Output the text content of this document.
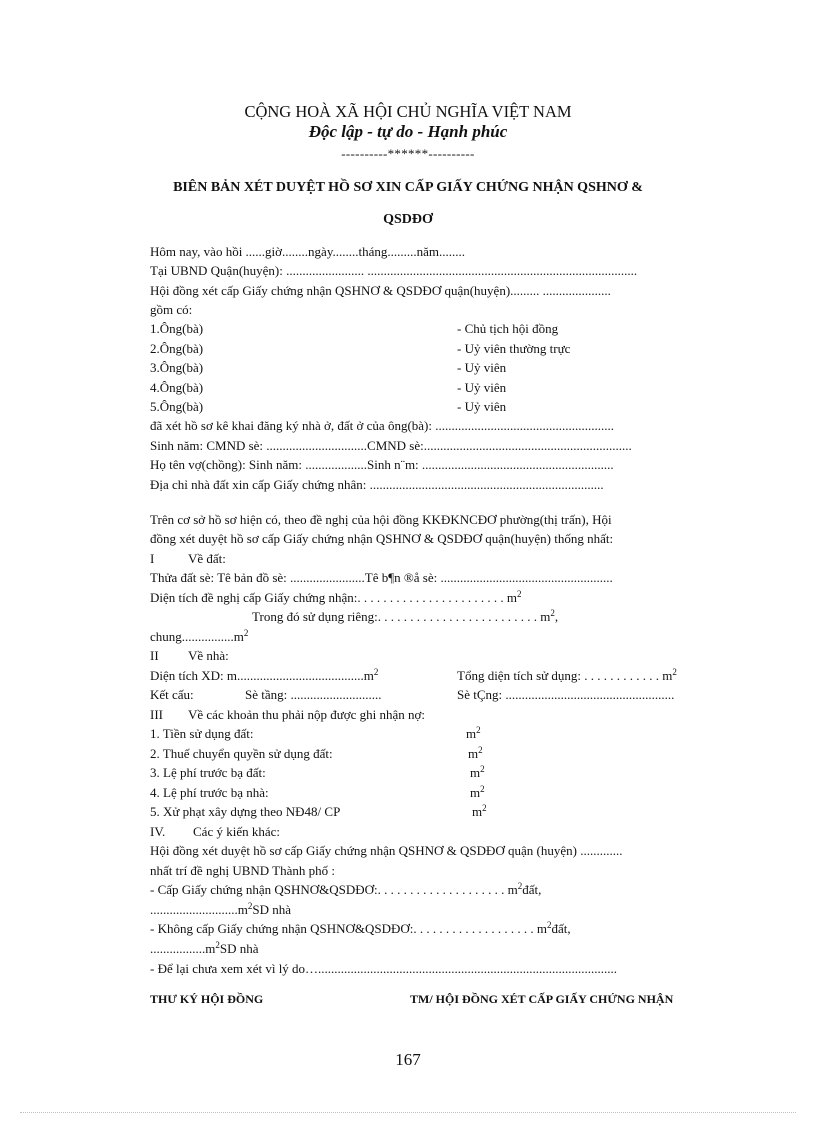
CỘNG HOÀ XÃ HỘI CHỦ NGHĨA VIỆT NAM
Độc lập - tự do - Hạnh phúc
----------******----------
BIÊN BẢN XÉT DUYỆT HỒ SƠ XIN CẤP GIẤY CHỨNG NHẬN QSHNƠ &
QSDĐƠ
Hôm nay, vào hồi ......giờ........ngày........tháng.........năm........
Tại UBND Quận(huyện): ........................ ...................................................................................
Hội đồng xét cấp Giấy chứng nhận QSHNƠ & QSDĐƠ quận(huyện)......... .....................
gồm có:
1.Ông(bà)	- Chủ tịch hội đồng
2.Ông(bà)	- Uỷ viên thường trực
3.Ông(bà)	- Uỷ viên
4.Ông(bà)	- Uỷ viên
5.Ông(bà)	- Uỷ viên
đã xét hồ sơ kê khai đăng ký nhà ở, đất ở của ông(bà): .......................................................
Sinh năm: CMND sè: ...............................CMND sè:................................................................
Họ tên vợ(chồng): Sinh năm: ...................Sinh n¨m: ...........................................................
Địa chỉ nhà đất xin cấp Giấy chứng nhân: ........................................................................
Trên cơ sở hồ sơ hiện có, theo đề nghị của hội đồng KKĐKNCĐƠ phường(thị trấn), Hội
đồng xét duyệt hồ sơ cấp Giấy chứng nhận QSHNƠ & QSDĐƠ quận(huyện) thống nhất:
I	Về đất:
Thửa đất sè: Tê bản đồ sè: .......................Tê b¶n ®å sè: .....................................................
Diện tích đề nghị cấp Giấy chứng nhận:. . . . . . . . . . . . . . . . . . . . . . . $m^2$
Trong đó sử dụng riêng:. . . . . . . . . . . . . . . . . . . . . . . . . $m^2$,
$chung................m^2$
II Về nhà:
Diện tích XD: $m.......................................m^2$	Tổng diện tích sử dụng: . . . . . . . . . . . . $m^2$
Kết cấu:	Sè tầng: ............................	Sè tÇng: ....................................................
III Về các khoản thu phải nộp được ghi nhận nợ:
1. Tiền sử dụng đất:	$m^2$
2. Thuế chuyển quyền sử dụng đất:	$m^2$
3. Lệ phí trước bạ đất:	$m^2$
4. Lệ phí trước bạ nhà:	$m^2$
5. Xử phạt xây dựng theo NĐ48/ CP	$m^2$
IV. Các ý kiến khác:
Hội đồng xét duyệt hồ sơ cấp Giấy chứng nhận QSHNƠ & QSDĐƠ quận (huyện) .............
nhất trí đề nghị UBND Thành phố :
- Cấp Giấy chứng nhận QSHNƠ&QSDĐƠ:. . . . . . . . . . . . . . . . . . . . $m^2đất$,
$...........................m^2SD$ nhà
- Không cấp Giấy chứng nhận QSHNƠ&QSDĐƠ:. . . . . . . . . . . . . . . . . . . $m^2đất$,
$.................m^2SD$ nhà
- Để lại chưa xem xét vì lý do…............................................................................................
THƯ KÝ HỘI ĐỒNG	TM/ HỘI ĐỒNG XÉT CẤP GIẤY CHỨNG NHẬN
167
